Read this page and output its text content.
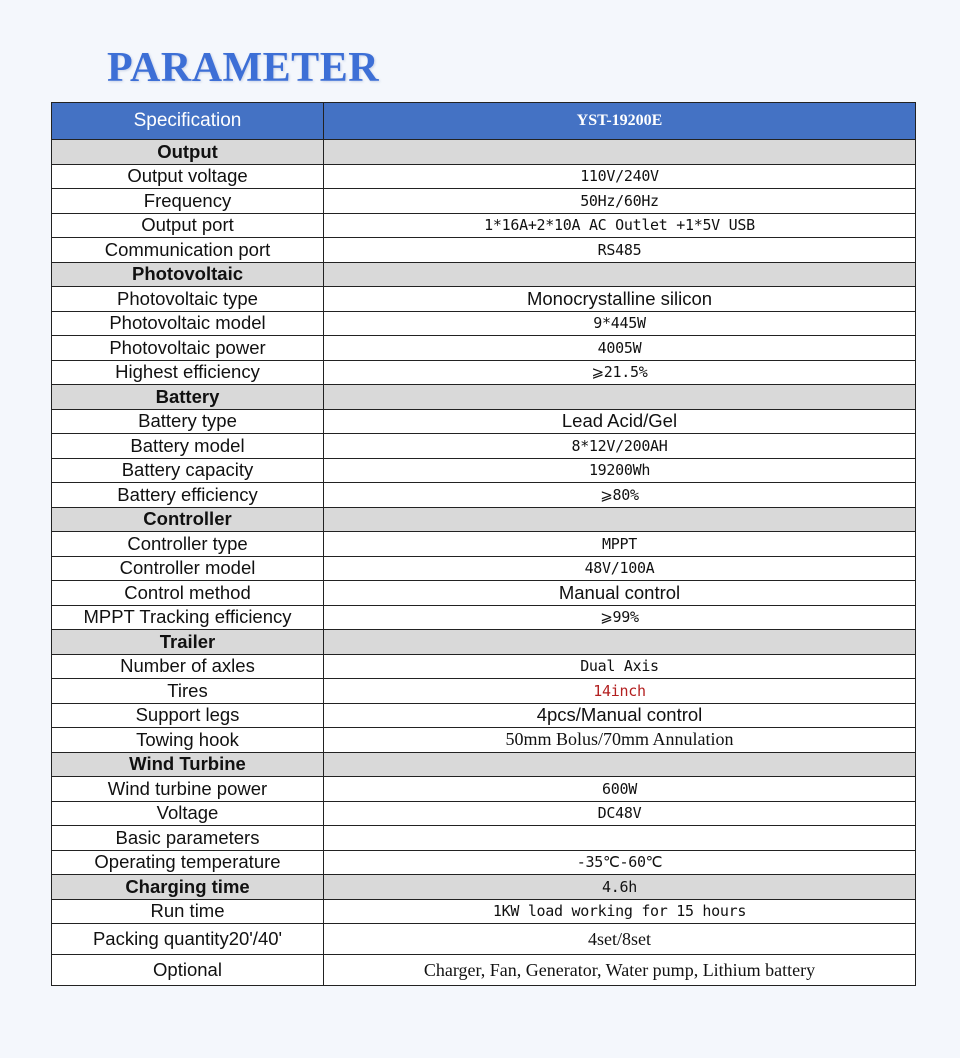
PARAMETER
Specification	YST-19200E
Output	
Output voltage	110V/240V
Frequency	50Hz/60Hz
Output port	1*16A+2*10A AC Outlet +1*5V USB
Communication port	RS485
Photovoltaic	
Photovoltaic type	Monocrystalline silicon
Photovoltaic model	9*445W
Photovoltaic power	4005W
Highest efficiency	⩾21.5%
Battery	
Battery type	Lead Acid/Gel
Battery model	8*12V/200AH
Battery capacity	19200Wh
Battery efficiency	⩾80%
Controller	
Controller type	MPPT
Controller model	48V/100A
Control method	Manual control
MPPT Tracking efficiency	⩾99%
Trailer	
Number of axles	Dual Axis
Tires	14inch
Support legs	4pcs/Manual control
Towing hook	50mm Bolus/70mm Annulation
Wind Turbine	
Wind turbine power	600W
Voltage	DC48V
Basic parameters	
Operating temperature	-35℃-60℃
Charging time	4.6h
Run time	1KW load working for 15 hours
Packing quantity20'/40'	4set/8set
Optional	Charger, Fan, Generator, Water pump, Lithium battery
